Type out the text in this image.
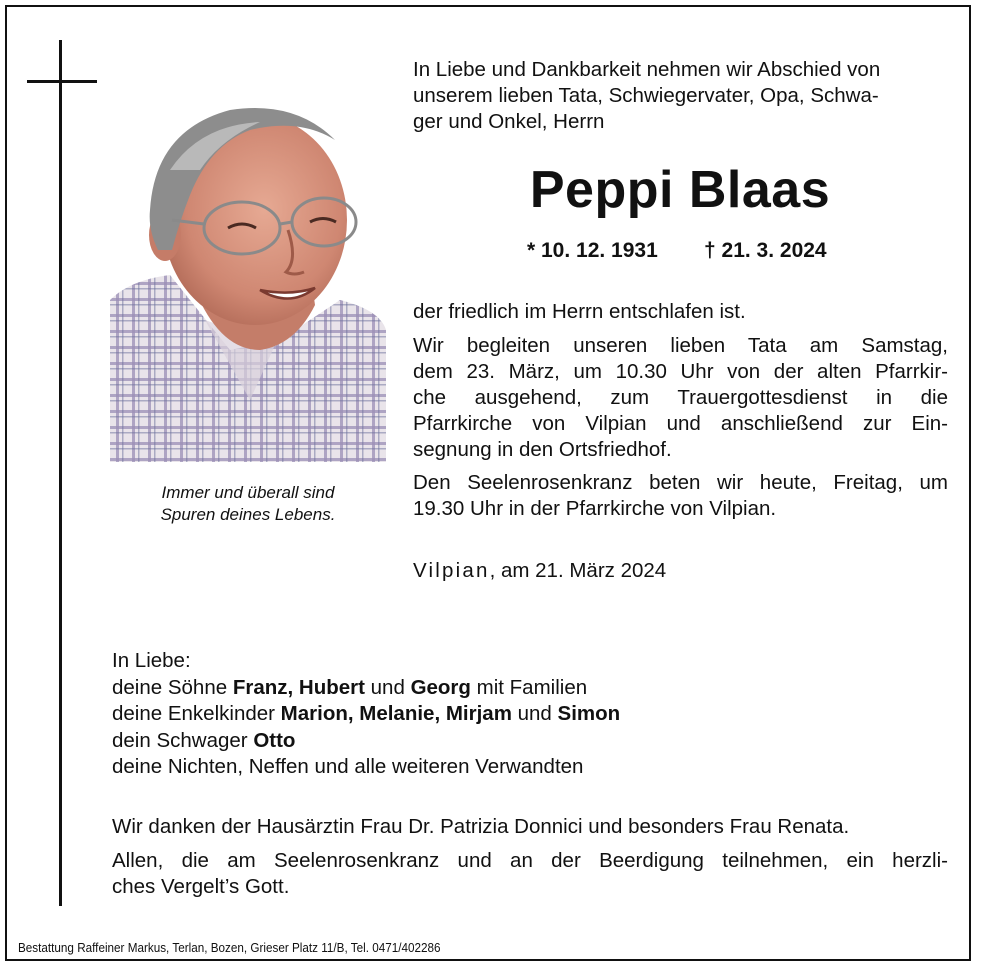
Immer und überall sind
Spuren deines Lebens.
In Liebe und Dankbarkeit nehmen wir Abschied von
unserem lieben Tata, Schwiegervater, Opa, Schwa-
ger und Onkel, Herrn
Peppi Blaas
* 10. 12. 1931 † 21. 3. 2024
der friedlich im Herrn entschlafen ist.
Wir begleiten unseren lieben Tata am Samstag,
dem 23. März, um 10.30 Uhr von der alten Pfarrkir-
che ausgehend, zum Trauergottesdienst in die
Pfarrkirche von Vilpian und anschließend zur Ein-
segnung in den Ortsfriedhof.
Den Seelenrosenkranz beten wir heute, Freitag, um
19.30 Uhr in der Pfarrkirche von Vilpian.
Vilpian, am 21. März 2024
In Liebe:
deine Söhne Franz, Hubert und Georg mit Familien
deine Enkelkinder Marion, Melanie, Mirjam und Simon
dein Schwager Otto
deine Nichten, Neffen und alle weiteren Verwandten
Wir danken der Hausärztin Frau Dr. Patrizia Donnici und besonders Frau Renata.
Allen, die am Seelenrosenkranz und an der Beerdigung teilnehmen, ein herzli-
ches Vergelt’s Gott.
Bestattung Raffeiner Markus, Terlan, Bozen, Grieser Platz 11/B, Tel. 0471/402286
